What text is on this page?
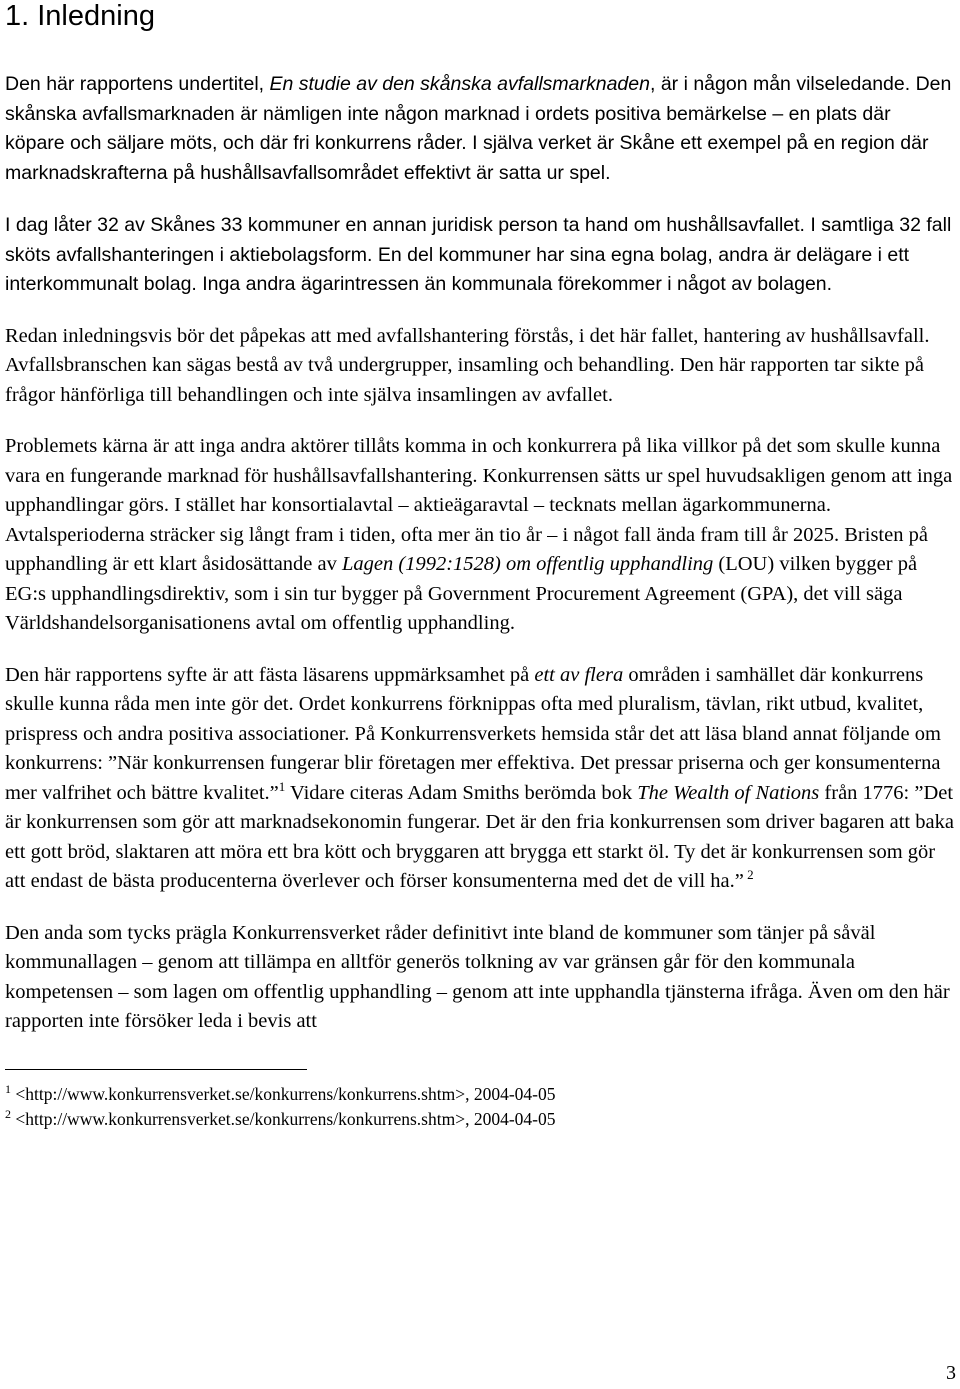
1. Inledning

Den här rapportens undertitel, En studie av den skånska avfallsmarknaden, är i någon mån vilseledande. Den skånska avfallsmarknaden är nämligen inte någon marknad i ordets positiva bemärkelse – en plats där köpare och säljare möts, och där fri konkurrens råder. I själva verket är Skåne ett exempel på en region där marknadskrafterna på hushållsavfallsområdet effektivt är satta ur spel.

I dag låter 32 av Skånes 33 kommuner en annan juridisk person ta hand om hushållsavfallet. I samtliga 32 fall sköts avfallshanteringen i aktiebolagsform. En del kommuner har sina egna bolag, andra är delägare i ett interkommunalt bolag. Inga andra ägarintressen än kommunala förekommer i något av bolagen.

Redan inledningsvis bör det påpekas att med avfallshantering förstås, i det här fallet, hantering av hushållsavfall. Avfallsbranschen kan sägas bestå av två undergrupper, insamling och behandling. Den här rapporten tar sikte på frågor hänförliga till behandlingen och inte själva insamlingen av avfallet.

Problemets kärna är att inga andra aktörer tillåts komma in och konkurrera på lika villkor på det som skulle kunna vara en fungerande marknad för hushållsavfallshantering. Konkurrensen sätts ur spel huvudsakligen genom att inga upphandlingar görs. I stället har konsortialavtal – aktieägaravtal – tecknats mellan ägarkommunerna. Avtalsperioderna sträcker sig långt fram i tiden, ofta mer än tio år – i något fall ända fram till år 2025. Bristen på upphandling är ett klart åsidosättande av Lagen (1992:1528) om offentlig upphandling (LOU) vilken bygger på EG:s upphandlingsdirektiv, som i sin tur bygger på Government Procurement Agreement (GPA), det vill säga Världshandelsorganisationens avtal om offentlig upphandling.

Den här rapportens syfte är att fästa läsarens uppmärksamhet på ett av flera områden i samhället där konkurrens skulle kunna råda men inte gör det. Ordet konkurrens förknippas ofta med pluralism, tävlan, rikt utbud, kvalitet, prispress och andra positiva associationer. På Konkurrensverkets hemsida står det att läsa bland annat följande om konkurrens: ”När konkurrensen fungerar blir företagen mer effektiva. Det pressar priserna och ger konsumenterna mer valfrihet och bättre kvalitet.”$^1$ Vidare citeras Adam Smiths berömda bok The Wealth of Nations från 1776: ”Det är konkurrensen som gör att marknadsekonomin fungerar. Det är den fria konkurrensen som driver bagaren att baka ett gott bröd, slaktaren att möra ett bra kött och bryggaren att brygga ett starkt öl. Ty det är konkurrensen som gör att endast de bästa producenterna överlever och förser konsumenterna med det de vill ha.” $^2$

Den anda som tycks prägla Konkurrensverket råder definitivt inte bland de kommuner som tänjer på såväl kommunallagen – genom att tillämpa en alltför generös tolkning av var gränsen går för den kommunala kompetensen – som lagen om offentlig upphandling – genom att inte upphandla tjänsterna ifråga. Även om den här rapporten inte försöker leda i bevis att

$^1$ <http://www.konkurrensverket.se/konkurrens/konkurrens.shtm>, 2004-04-05
$^2$ <http://www.konkurrensverket.se/konkurrens/konkurrens.shtm>, 2004-04-05
3
